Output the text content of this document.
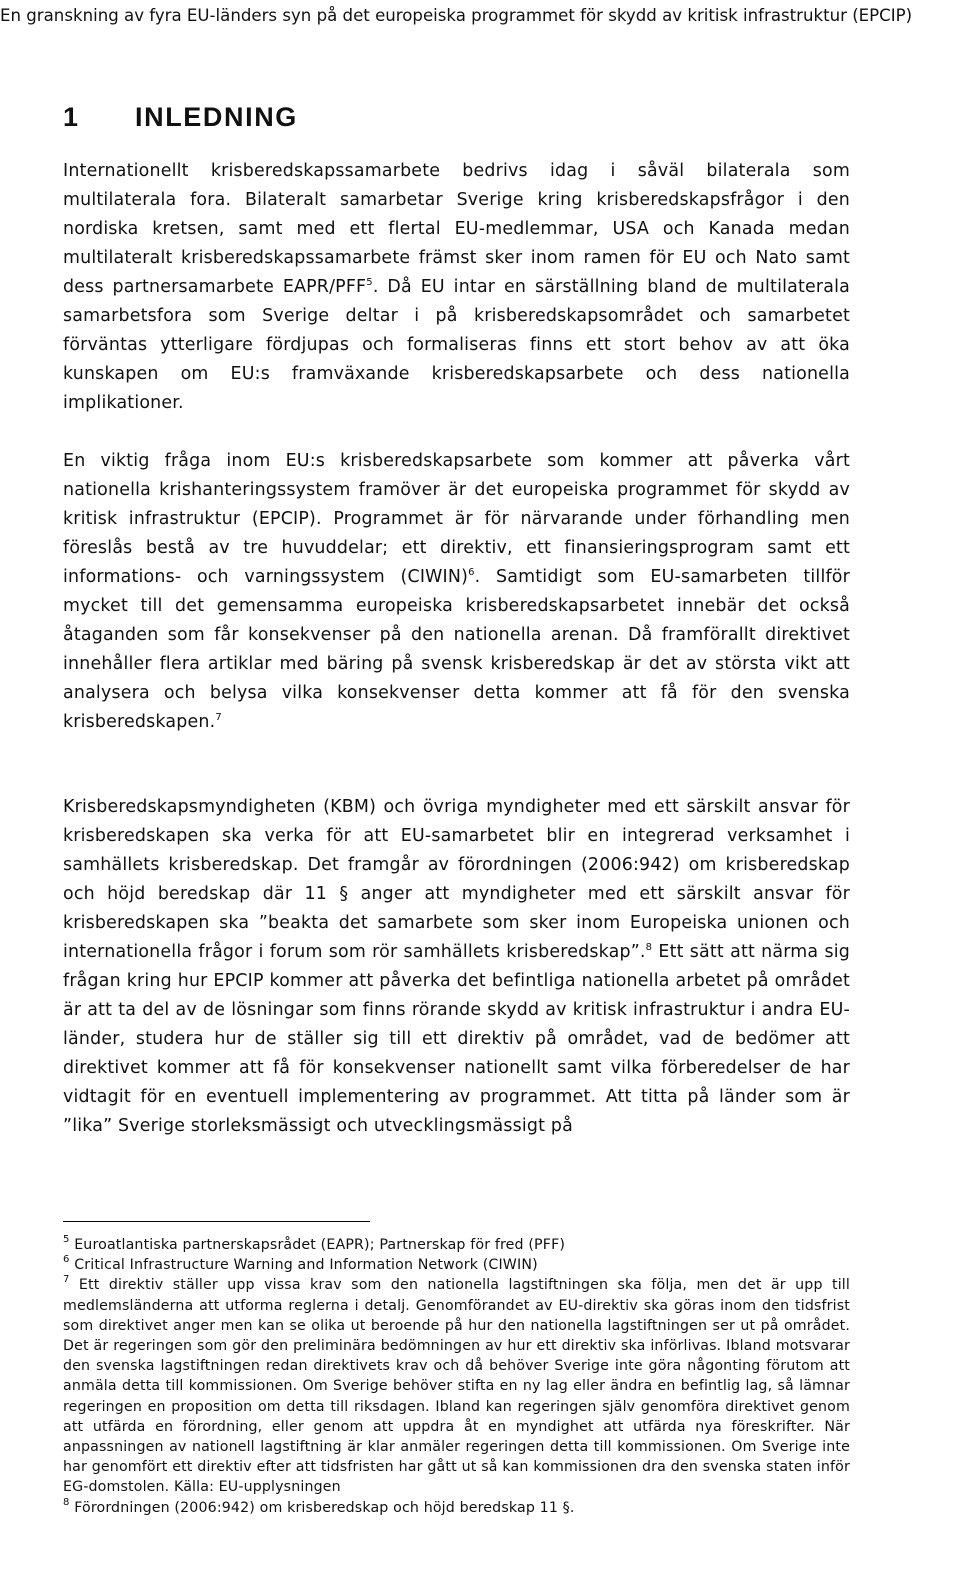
En granskning av fyra EU-länders syn på det europeiska programmet för skydd av kritisk infrastruktur (EPCIP)

1 INLEDNING

Internationellt krisberedskapssamarbete bedrivs idag i såväl bilaterala som multilaterala fora. Bilateralt samarbetar Sverige kring krisberedskapsfrågor i den nordiska kretsen, samt med ett flertal EU-medlemmar, USA och Kanada medan multilateralt krisberedskapssamarbete främst sker inom ramen för EU och Nato samt dess partnersamarbete EAPR/PFF$^5$. Då EU intar en särställning bland de multilaterala samarbetsfora som Sverige deltar i på krisberedskapsområdet och samarbetet förväntas ytterligare fördjupas och formaliseras finns ett stort behov av att öka kunskapen om EU:s framväxande krisberedskapsarbete och dess nationella implikationer.

En viktig fråga inom EU:s krisberedskapsarbete som kommer att påverka vårt nationella krishanteringssystem framöver är det europeiska programmet för skydd av kritisk infrastruktur (EPCIP). Programmet är för närvarande under förhandling men föreslås bestå av tre huvuddelar; ett direktiv, ett finansieringsprogram samt ett informations- och varningssystem (CIWIN)$^6$. Samtidigt som EU-samarbeten tillför mycket till det gemensamma europeiska krisberedskapsarbetet innebär det också åtaganden som får konsekvenser på den nationella arenan. Då framförallt direktivet innehåller flera artiklar med bäring på svensk krisberedskap är det av största vikt att analysera och belysa vilka konsekvenser detta kommer att få för den svenska krisberedskapen.$^7$

Krisberedskapsmyndigheten (KBM) och övriga myndigheter med ett särskilt ansvar för krisberedskapen ska verka för att EU-samarbetet blir en integrerad verksamhet i samhällets krisberedskap. Det framgår av förordningen (2006:942) om krisberedskap och höjd beredskap där 11 § anger att myndigheter med ett särskilt ansvar för krisberedskapen ska ”beakta det samarbete som sker inom Europeiska unionen och internationella frågor i forum som rör samhällets krisberedskap”.$^8$ Ett sätt att närma sig frågan kring hur EPCIP kommer att påverka det befintliga nationella arbetet på området är att ta del av de lösningar som finns rörande skydd av kritisk infrastruktur i andra EU-länder, studera hur de ställer sig till ett direktiv på området, vad de bedömer att direktivet kommer att få för konsekvenser nationellt samt vilka förberedelser de har vidtagit för en eventuell implementering av programmet. Att titta på länder som är ”lika” Sverige storleksmässigt och utvecklingsmässigt på

$^5$ Euroatlantiska partnerskapsrådet (EAPR); Partnerskap för fred (PFF)

$^6$ Critical Infrastructure Warning and Information Network (CIWIN)

$^7$ Ett direktiv ställer upp vissa krav som den nationella lagstiftningen ska följa, men det är upp till medlemsländerna att utforma reglerna i detalj. Genomförandet av EU-direktiv ska göras inom den tidsfrist som direktivet anger men kan se olika ut beroende på hur den nationella lagstiftningen ser ut på området. Det är regeringen som gör den preliminära bedömningen av hur ett direktiv ska införlivas. Ibland motsvarar den svenska lagstiftningen redan direktivets krav och då behöver Sverige inte göra någonting förutom att anmäla detta till kommissionen. Om Sverige behöver stifta en ny lag eller ändra en befintlig lag, så lämnar regeringen en proposition om detta till riksdagen. Ibland kan regeringen själv genomföra direktivet genom att utfärda en förordning, eller genom att uppdra åt en myndighet att utfärda nya föreskrifter. När anpassningen av nationell lagstiftning är klar anmäler regeringen detta till kommissionen. Om Sverige inte har genomfört ett direktiv efter att tidsfristen har gått ut så kan kommissionen dra den svenska staten inför EG-domstolen. Källa: EU-upplysningen

$^8$ Förordningen (2006:942) om krisberedskap och höjd beredskap 11 §.
